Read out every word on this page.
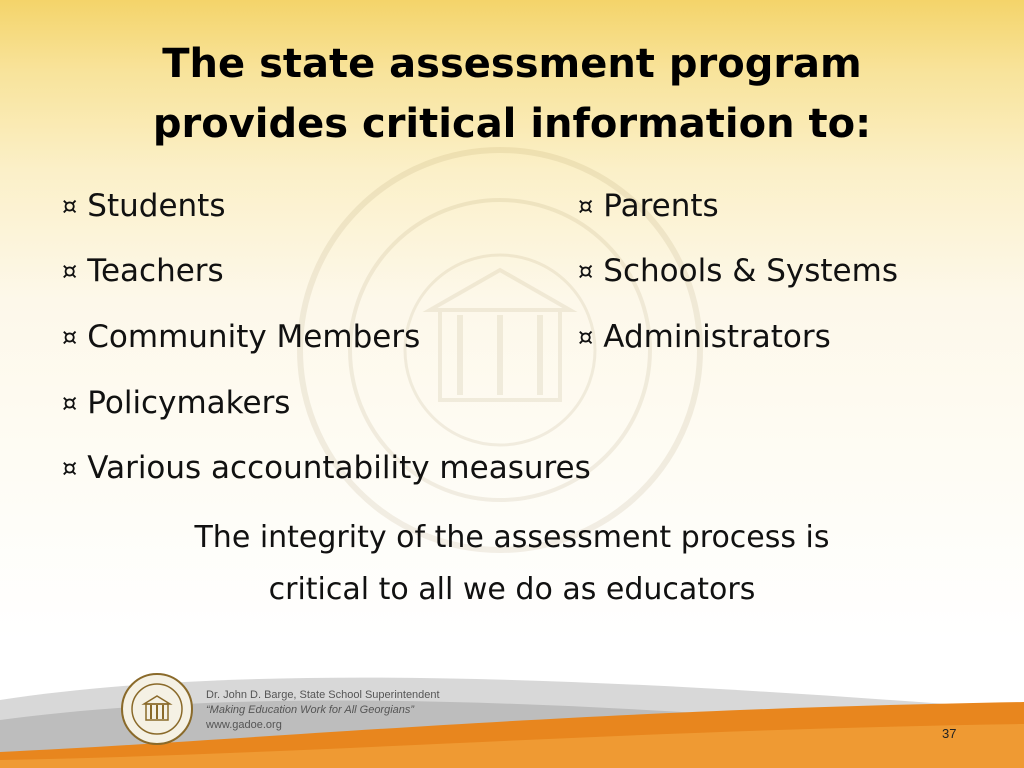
The state assessment program
provides critical information to:
¤ Students
¤ Teachers
¤ Community Members
¤ Policymakers
¤ Various accountability measures
¤ Parents
¤ Schools & Systems
¤ Administrators
The integrity of the assessment process is
critical to all we do as educators
Dr. John D. Barge, State School Superintendent
“Making Education Work for All Georgians”
www.gadoe.org
37
